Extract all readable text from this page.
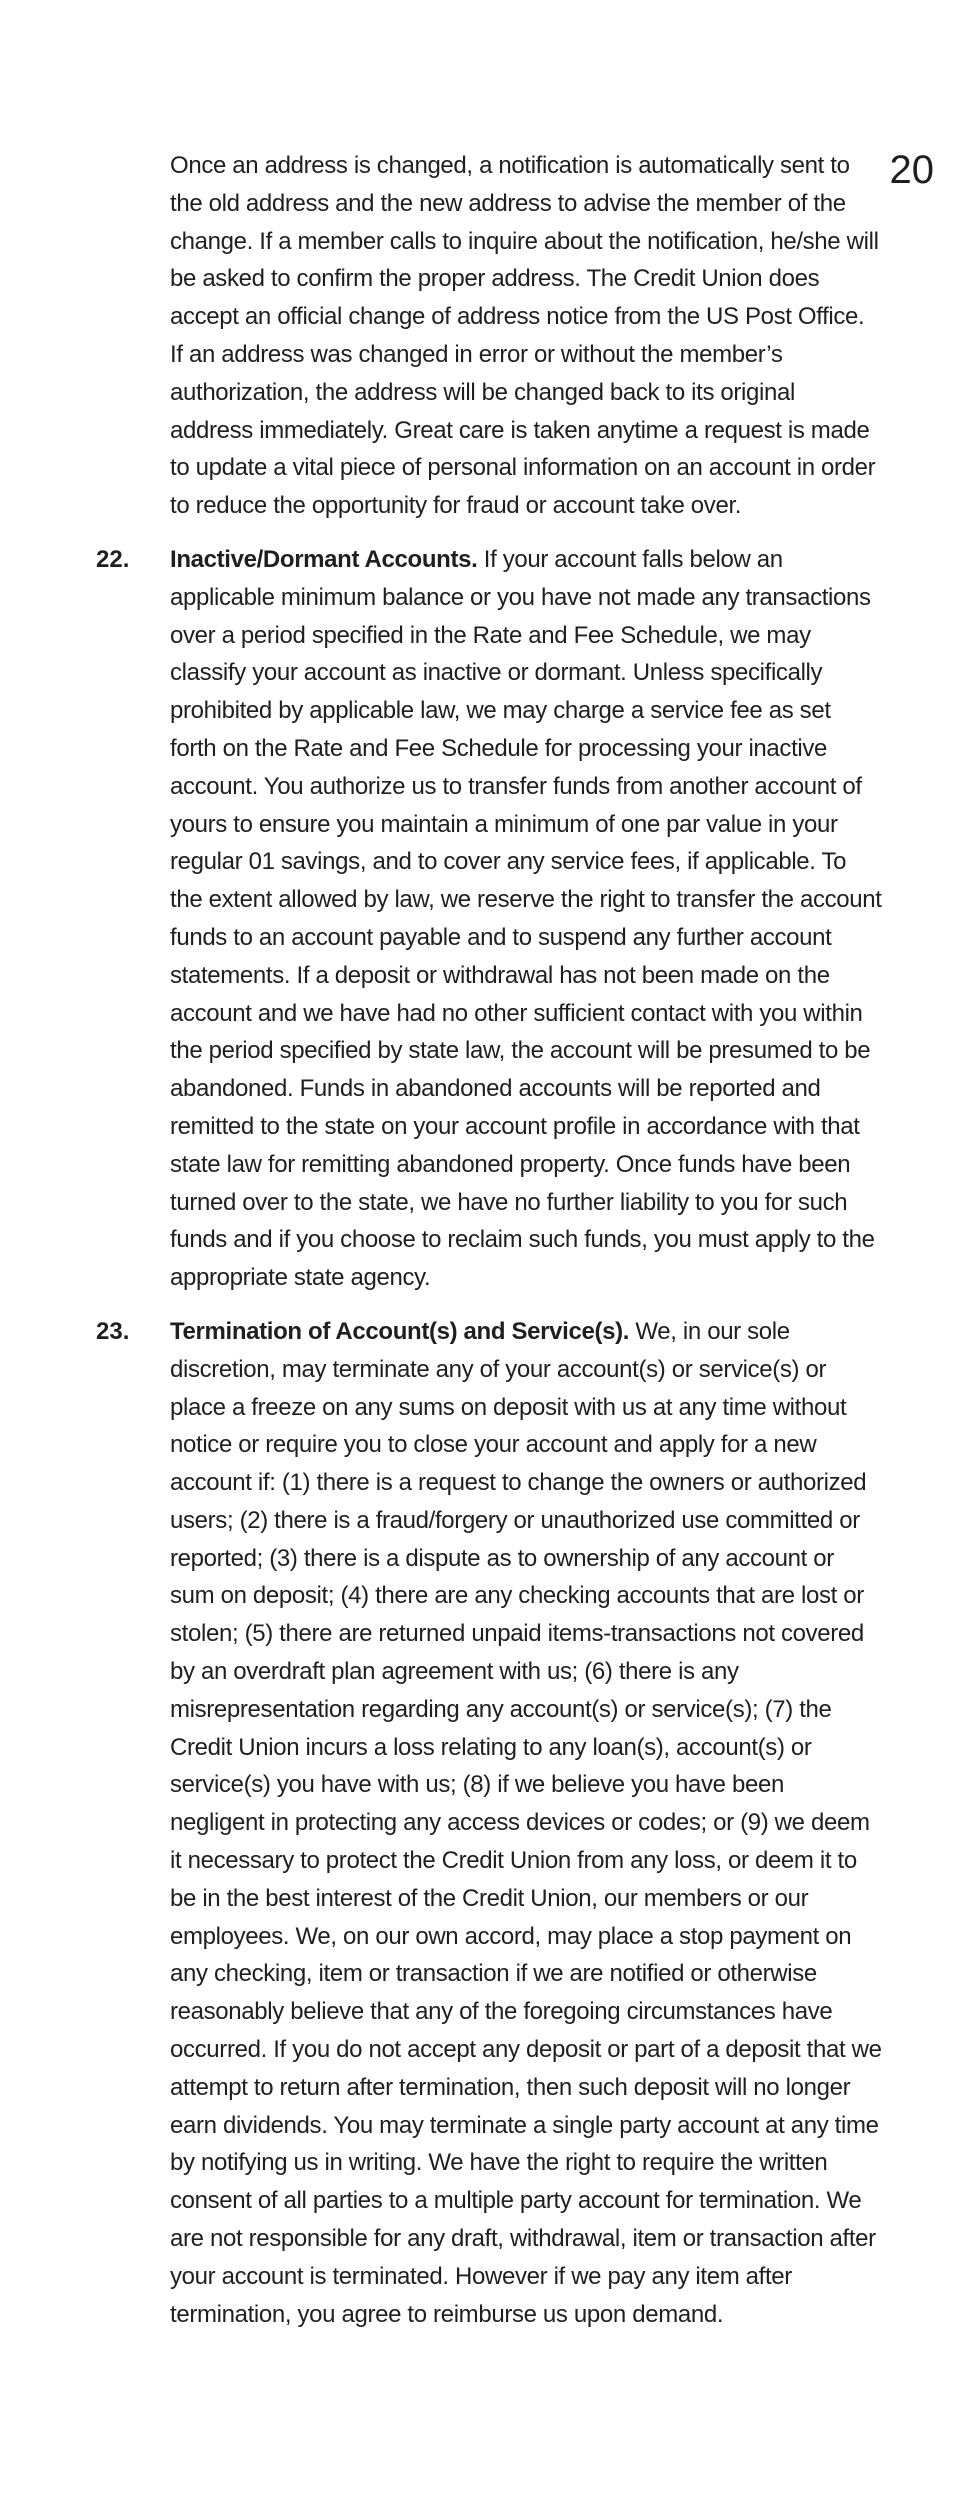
20

Once an address is changed, a notification is automatically sent to the old address and the new address to advise the member of the change. If a member calls to inquire about the notification, he/she will be asked to confirm the proper address. The Credit Union does accept an official change of address notice from the US Post Office. If an address was changed in error or without the member’s authorization, the address will be changed back to its original address immediately. Great care is taken anytime a request is made to update a vital piece of personal information on an account in order to reduce the opportunity for fraud or account take over.

22. Inactive/Dormant Accounts. If your account falls below an applicable minimum balance or you have not made any transactions over a period specified in the Rate and Fee Schedule, we may classify your account as inactive or dormant. Unless specifically prohibited by applicable law, we may charge a service fee as set forth on the Rate and Fee Schedule for processing your inactive account. You authorize us to transfer funds from another account of yours to ensure you maintain a minimum of one par value in your regular 01 savings, and to cover any service fees, if applicable. To the extent allowed by law, we reserve the right to transfer the account funds to an account payable and to suspend any further account statements. If a deposit or withdrawal has not been made on the account and we have had no other sufficient contact with you within the period specified by state law, the account will be presumed to be abandoned. Funds in abandoned accounts will be reported and remitted to the state on your account profile in accordance with that state law for remitting abandoned property. Once funds have been turned over to the state, we have no further liability to you for such funds and if you choose to reclaim such funds, you must apply to the appropriate state agency.

23. Termination of Account(s) and Service(s). We, in our sole discretion, may terminate any of your account(s) or service(s) or place a freeze on any sums on deposit with us at any time without notice or require you to close your account and apply for a new account if: (1) there is a request to change the owners or authorized users; (2) there is a fraud/forgery or unauthorized use committed or reported; (3) there is a dispute as to ownership of any account or sum on deposit; (4) there are any checking accounts that are lost or stolen; (5) there are returned unpaid items-transactions not covered by an overdraft plan agreement with us; (6) there is any misrepresentation regarding any account(s) or service(s); (7) the Credit Union incurs a loss relating to any loan(s), account(s) or service(s) you have with us; (8) if we believe you have been negligent in protecting any access devices or codes; or (9) we deem it necessary to protect the Credit Union from any loss, or deem it to be in the best interest of the Credit Union, our members or our employees. We, on our own accord, may place a stop payment on any checking, item or transaction if we are notified or otherwise reasonably believe that any of the foregoing circumstances have occurred. If you do not accept any deposit or part of a deposit that we attempt to return after termination, then such deposit will no longer earn dividends. You may terminate a single party account at any time by notifying us in writing. We have the right to require the written consent of all parties to a multiple party account for termination. We are not responsible for any draft, withdrawal, item or transaction after your account is terminated. However if we pay any item after termination, you agree to reimburse us upon demand.
